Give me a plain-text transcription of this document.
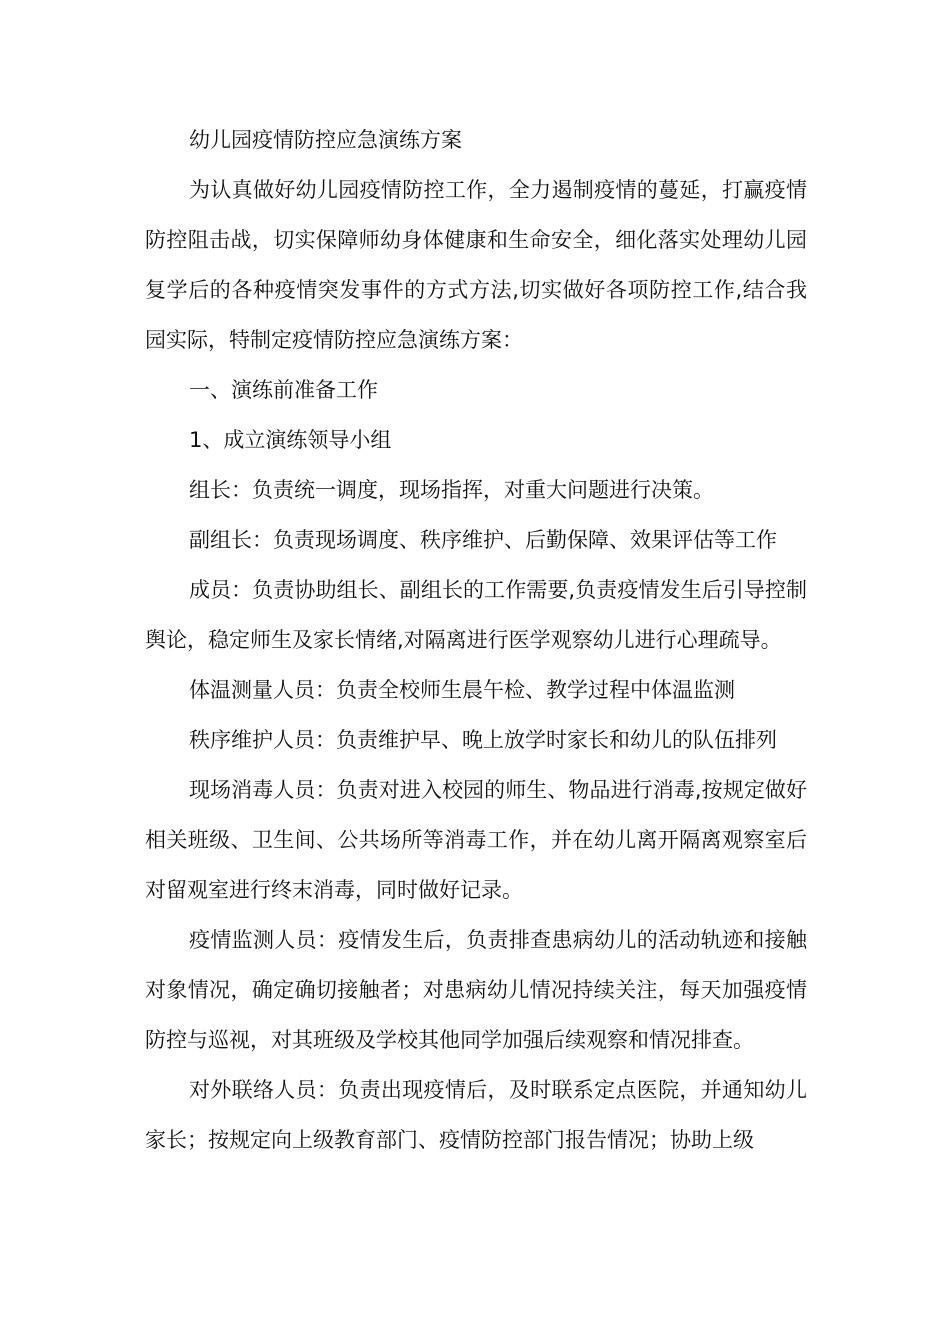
幼儿园疫情防控应急演练方案

为认真做好幼儿园疫情防控工作，全力遏制疫情的蔓延，打赢疫情防控阻击战，切实保障师幼身体健康和生命安全，细化落实处理幼儿园复学后的各种疫情突发事件的方式方法,切实做好各项防控工作,结合我园实际，特制定疫情防控应急演练方案：

一、演练前准备工作

1、成立演练领导小组

组长：负责统一调度，现场指挥，对重大问题进行决策。

副组长：负责现场调度、秩序维护、后勤保障、效果评估等工作

成员：负责协助组长、副组长的工作需要,负责疫情发生后引导控制舆论，稳定师生及家长情绪,对隔离进行医学观察幼儿进行心理疏导。

体温测量人员：负责全校师生晨午检、教学过程中体温监测

秩序维护人员：负责维护早、晚上放学时家长和幼儿的队伍排列

现场消毒人员：负责对进入校园的师生、物品进行消毒,按规定做好相关班级、卫生间、公共场所等消毒工作，并在幼儿离开隔离观察室后对留观室进行终末消毒，同时做好记录。

疫情监测人员：疫情发生后，负责排查患病幼儿的活动轨迹和接触对象情况，确定确切接触者；对患病幼儿情况持续关注，每天加强疫情防控与巡视，对其班级及学校其他同学加强后续观察和情况排查。

对外联络人员：负责出现疫情后，及时联系定点医院，并通知幼儿家长；按规定向上级教育部门、疫情防控部门报告情况；协助上级
